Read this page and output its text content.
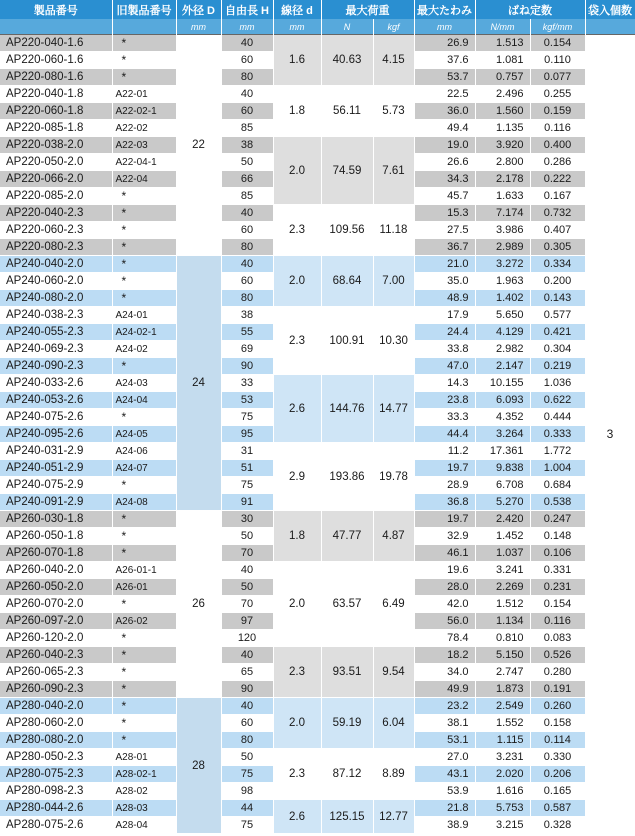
製品番号	旧製品番号	外径 D	自由長 H	線径 d	最大荷重		最大たわみ	ばね定数		袋入個数
		mm	mm	mm	N	kgf	mm	N/mm	kgf/mm	
AP220-040-1.6	*	22	40	1.6	40.63	4.15	26.9	1.513	0.154	3
AP220-060-1.6	*		60				37.6	1.081	0.110	
AP220-080-1.6	*		80				53.7	0.757	0.077	
AP220-040-1.8	A22-01		40	1.8	56.11	5.73	22.5	2.496	0.255	
AP220-060-1.8	A22-02-1		60				36.0	1.560	0.159	
AP220-085-1.8	A22-02		85				49.4	1.135	0.116	
AP220-038-2.0	A22-03		38	2.0	74.59	7.61	19.0	3.920	0.400	
AP220-050-2.0	A22-04-1		50				26.6	2.800	0.286	
AP220-066-2.0	A22-04		66				34.3	2.178	0.222	
AP220-085-2.0	*		85				45.7	1.633	0.167	
AP220-040-2.3	*		40	2.3	109.56	11.18	15.3	7.174	0.732	
AP220-060-2.3	*		60				27.5	3.986	0.407	
AP220-080-2.3	*		80				36.7	2.989	0.305	
AP240-040-2.0	*	24	40	2.0	68.64	7.00	21.0	3.272	0.334	
AP240-060-2.0	*		60				35.0	1.963	0.200	
AP240-080-2.0	*		80				48.9	1.402	0.143	
AP240-038-2.3	A24-01		38	2.3	100.91	10.30	17.9	5.650	0.577	
AP240-055-2.3	A24-02-1		55				24.4	4.129	0.421	
AP240-069-2.3	A24-02		69				33.8	2.982	0.304	
AP240-090-2.3	*		90				47.0	2.147	0.219	
AP240-033-2.6	A24-03		33	2.6	144.76	14.77	14.3	10.155	1.036	
AP240-053-2.6	A24-04		53				23.8	6.093	0.622	
AP240-075-2.6	*		75				33.3	4.352	0.444	
AP240-095-2.6	A24-05		95				44.4	3.264	0.333	
AP240-031-2.9	A24-06		31	2.9	193.86	19.78	11.2	17.361	1.772	
AP240-051-2.9	A24-07		51				19.7	9.838	1.004	
AP240-075-2.9	*		75				28.9	6.708	0.684	
AP240-091-2.9	A24-08		91				36.8	5.270	0.538	
AP260-030-1.8	*	26	30	1.8	47.77	4.87	19.7	2.420	0.247	
AP260-050-1.8	*		50				32.9	1.452	0.148	
AP260-070-1.8	*		70				46.1	1.037	0.106	
AP260-040-2.0	A26-01-1		40	2.0	63.57	6.49	19.6	3.241	0.331	
AP260-050-2.0	A26-01		50				28.0	2.269	0.231	
AP260-070-2.0	*		70				42.0	1.512	0.154	
AP260-097-2.0	A26-02		97				56.0	1.134	0.116	
AP260-120-2.0	*		120				78.4	0.810	0.083	
AP260-040-2.3	*		40	2.3	93.51	9.54	18.2	5.150	0.526	
AP260-065-2.3	*		65				34.0	2.747	0.280	
AP260-090-2.3	*		90				49.9	1.873	0.191	
AP280-040-2.0	*	28	40	2.0	59.19	6.04	23.2	2.549	0.260	
AP280-060-2.0	*		60				38.1	1.552	0.158	
AP280-080-2.0	*		80				53.1	1.115	0.114	
AP280-050-2.3	A28-01		50	2.3	87.12	8.89	27.0	3.231	0.330	
AP280-075-2.3	A28-02-1		75				43.1	2.020	0.206	
AP280-098-2.3	A28-02		98				53.9	1.616	0.165	
AP280-044-2.6	A28-03		44	2.6	125.15	12.77	21.8	5.753	0.587	
AP280-075-2.6	A28-04		75				38.9	3.215	0.328	
